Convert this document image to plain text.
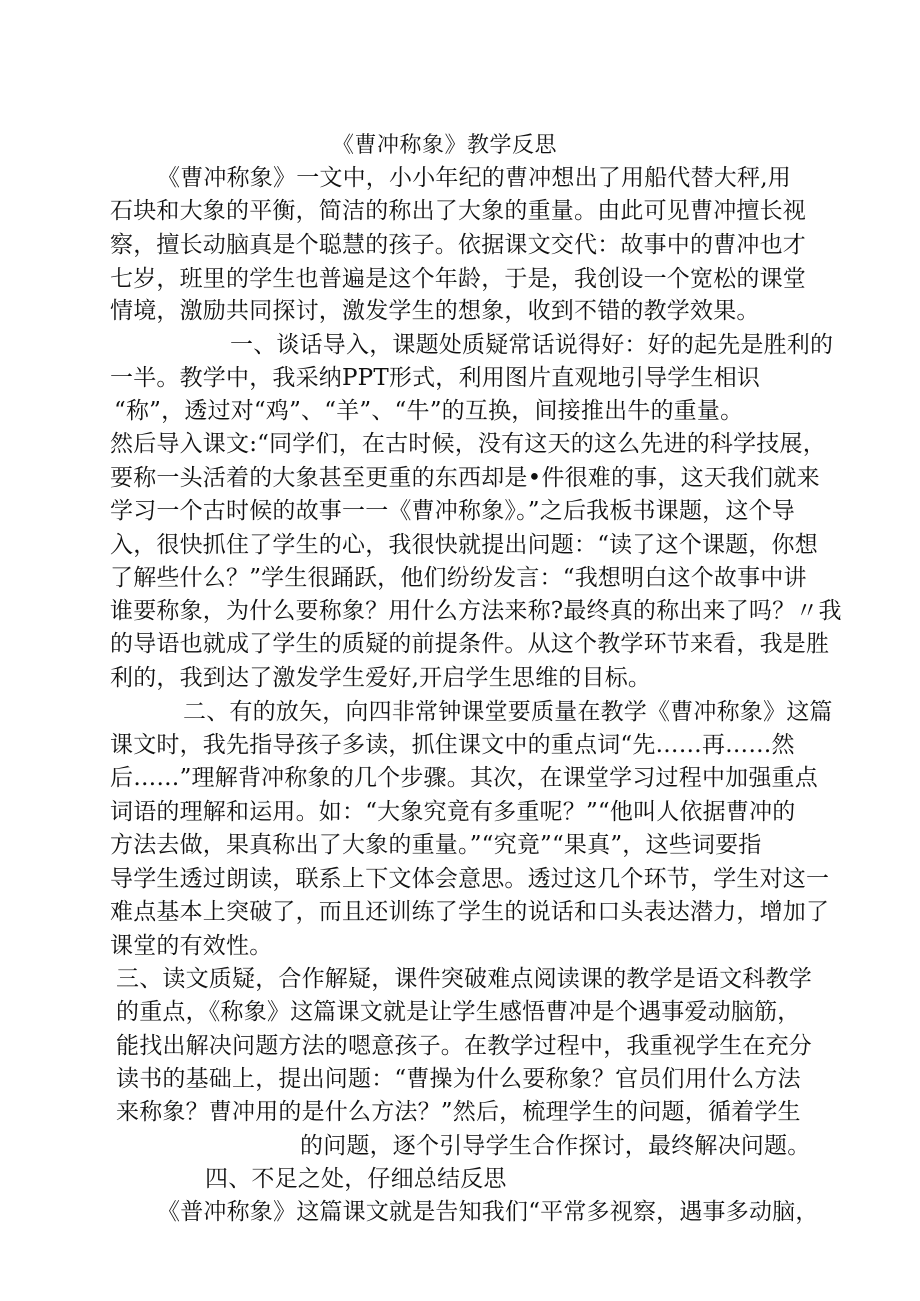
《曹冲称象》教学反思
《曹冲称象》一文中，小小年纪的曹冲想出了用船代替大秤,用
石块和大象的平衡，简洁的称出了大象的重量。由此可见曹冲擅长视
察，擅长动脑真是个聪慧的孩子。依据课文交代：故事中的曹冲也才
七岁，班里的学生也普遍是这个年龄，于是，我创设一个宽松的课堂
情境，激励共同探讨，激发学生的想象，收到不错的教学效果。
一、谈话导入，课题处质疑常话说得好：好的起先是胜利的
一半。教学中，我采纳PPT形式，利用图片直观地引导学生相识
“称”，透过对“鸡”、“羊”、“牛”的互换，间接推出牛的重量。
然后导入课文:“同学们，在古时候，没有这天的这么先进的科学技展，
要称一头活着的大象甚至更重的东西却是•件很难的事，这天我们就来
学习一个古时候的故事一一《曹冲称象》。”之后我板书课题，这个导
入，很快抓住了学生的心，我很快就提出问题：“读了这个课题，你想
了解些什么？”学生很踊跃，他们纷纷发言：“我想明白这个故事中讲
谁要称象，为什么要称象？用什么方法来称?最终真的称出来了吗？〃我
的导语也就成了学生的质疑的前提条件。从这个教学环节来看，我是胜
利的，我到达了激发学生爱好,开启学生思维的目标。
二、有的放矢，向四非常钟课堂要质量在教学《曹冲称象》这篇
课文时，我先指导孩子多读，抓住课文中的重点词“先……再……然
后……”理解背冲称象的几个步骤。其次，在课堂学习过程中加强重点
词语的理解和运用。如：“大象究竟有多重呢？”“他叫人依据曹冲的
方法去做，果真称出了大象的重量。”“究竟”“果真”，这些词要指
导学生透过朗读，联系上下文体会意思。透过这几个环节，学生对这一
难点基本上突破了，而且还训练了学生的说话和口头表达潜力，增加了
课堂的有效性。
三、读文质疑，合作解疑，课件突破难点阅读课的教学是语文科教学
的重点，《称象》这篇课文就是让学生感悟曹冲是个遇事爱动脑筋，
能找出解决问题方法的嗯意孩子。在教学过程中，我重视学生在充分
读书的基础上，提出问题：“曹操为什么要称象？官员们用什么方法
来称象？曹冲用的是什么方法？”然后，梳理学生的问题，循着学生
的问题，逐个引导学生合作探讨，最终解决问题。
四、不足之处，仔细总结反思
《普冲称象》这篇课文就是告知我们“平常多视察，遇事多动脑，
